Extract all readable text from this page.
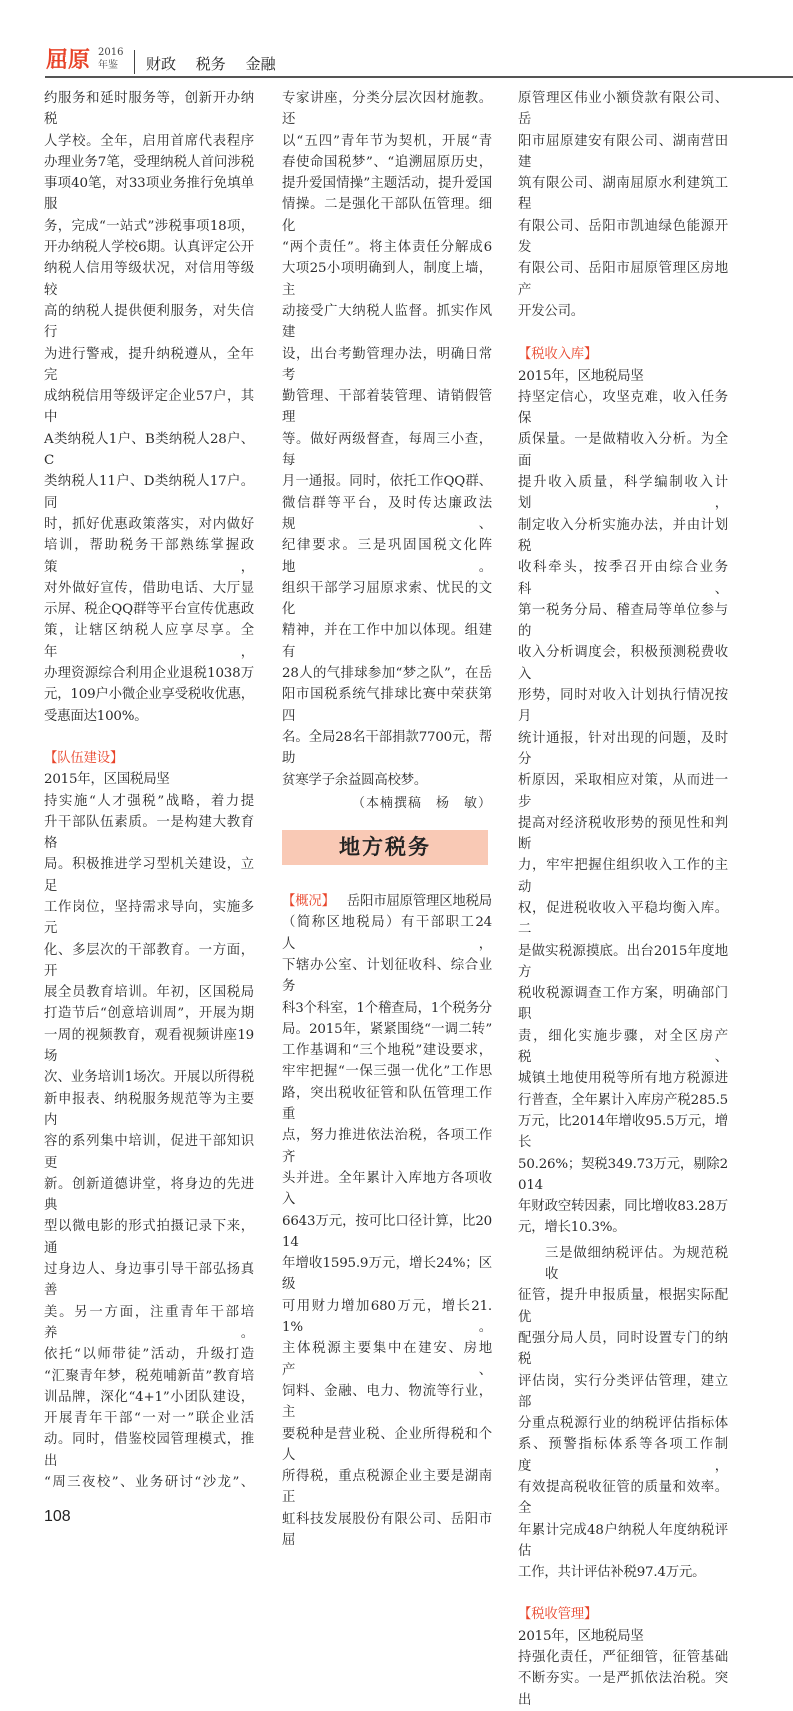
屈原 2016
年鉴	财政 税务 金融
约服务和延时服务等，创新开办纳税
人学校。全年，启用首席代表程序
办理业务7笔，受理纳税人首问涉税
事项40笔，对33项业务推行免填单服
务，完成“一站式”涉税事项18项，
开办纳税人学校6期。认真评定公开
纳税人信用等级状况，对信用等级较
高的纳税人提供便利服务，对失信行
为进行警戒，提升纳税遵从，全年完
成纳税信用等级评定企业57户，其中
A类纳税人1户、B类纳税人28户、C
类纳税人11户、D类纳税人17户。同
时，抓好优惠政策落实，对内做好
培训，帮助税务干部熟练掌握政策，
对外做好宣传，借助电话、大厅显
示屏、税企QQ群等平台宣传优惠政
策，让辖区纳税人应享尽享。全年，
办理资源综合利用企业退税1038万
元，109户小微企业享受税收优惠，
受惠面达100%。
【队伍建设】
2015年，区国税局坚
持实施“人才强税”战略，着力提
升干部队伍素质。一是构建大教育格
局。积极推进学习型机关建设，立足
工作岗位，坚持需求导向，实施多元
化、多层次的干部教育。一方面，开
展全员教育培训。年初，区国税局
打造节后“创意培训周”，开展为期
一周的视频教育，观看视频讲座19场
次、业务培训1场次。开展以所得税
新申报表、纳税服务规范等为主要内
容的系列集中培训，促进干部知识更
新。创新道德讲堂，将身边的先进典
型以微电影的形式拍摄记录下来，通
过身边人、身边事引导干部弘扬真善
美。另一方面，注重青年干部培养。
依托“以师带徒”活动，升级打造
“汇聚青年梦，税苑哺新苗”教育培
训品牌，深化“4+1”小团队建设，
开展青年干部“一对一”联企业活
动。同时，借鉴校园管理模式，推出
“周三夜校”、业务研讨“沙龙”、
108
专家讲座，分类分层次因材施教。还
以“五四”青年节为契机，开展“青
春使命国税梦”、“追溯屈原历史，
提升爱国情操”主题活动，提升爱国
情操。二是强化干部队伍管理。细化
“两个责任”。将主体责任分解成6
大项25小项明确到人，制度上墙，主
动接受广大纳税人监督。抓实作风建
设，出台考勤管理办法，明确日常考
勤管理、干部着装管理、请销假管理
等。做好两级督查，每周三小查，每
月一通报。同时，依托工作QQ群、
微信群等平台，及时传达廉政法规、
纪律要求。三是巩固国税文化阵地。
组织干部学习屈原求索、忧民的文化
精神，并在工作中加以体现。组建有
28人的气排球参加“梦之队”，在岳
阳市国税系统气排球比赛中荣获第四
名。全局28名干部捐款7700元，帮助
贫寒学子余益圆高校梦。
（本楠撰稿　杨　敏）
地方税务
【概况】 岳阳市屈原管理区地税局
（简称区地税局）有干部职工24人，
下辖办公室、计划征收科、综合业务
科3个科室，1个稽查局，1个税务分
局。2015年，紧紧围绕“一调二转”
工作基调和“三个地税”建设要求，
牢牢把握“一保三强一优化”工作思
路，突出税收征管和队伍管理工作重
点，努力推进依法治税，各项工作齐
头并进。全年累计入库地方各项收入
6643万元，按可比口径计算，比2014
年增收1595.9万元，增长24%；区级
可用财力增加680万元，增长21.1%。
主体税源主要集中在建安、房地产、
饲料、金融、电力、物流等行业，主
要税种是营业税、企业所得税和个人
所得税，重点税源企业主要是湖南正
虹科技发展股份有限公司、岳阳市屈
原管理区伟业小额贷款有限公司、岳
阳市屈原建安有限公司、湖南营田建
筑有限公司、湖南屈原水利建筑工程
有限公司、岳阳市凯迪绿色能源开发
有限公司、岳阳市屈原管理区房地产
开发公司。
【税收入库】
2015年，区地税局坚
持坚定信心，攻坚克难，收入任务保
质保量。一是做精收入分析。为全面
提升收入质量，科学编制收入计划，
制定收入分析实施办法，并由计划税
收科牵头，按季召开由综合业务科、
第一税务分局、稽查局等单位参与的
收入分析调度会，积极预测税费收入
形势，同时对收入计划执行情况按月
统计通报，针对出现的问题，及时分
析原因，采取相应对策，从而进一步
提高对经济税收形势的预见性和判断
力，牢牢把握住组织收入工作的主动
权，促进税收收入平稳均衡入库。二
是做实税源摸底。出台2015年度地方
税收税源调查工作方案，明确部门职
责，细化实施步骤，对全区房产税、
城镇土地使用税等所有地方税源进
行普查，全年累计入库房产税285.5
万元，比2014年增收95.5万元，增长
50.26%；契税349.73万元，剔除2014
年财政空转因素，同比增收83.28万
元，增长10.3%。
三是做细纳税评估。为规范税收
征管，提升申报质量，根据实际配优
配强分局人员，同时设置专门的纳税
评估岗，实行分类评估管理，建立部
分重点税源行业的纳税评估指标体
系、预警指标体系等各项工作制度，
有效提高税收征管的质量和效率。全
年累计完成48户纳税人年度纳税评估
工作，共计评估补税97.4万元。
【税收管理】
2015年，区地税局坚
持强化责任，严征细管，征管基础
不断夯实。一是严抓依法治税。突出
